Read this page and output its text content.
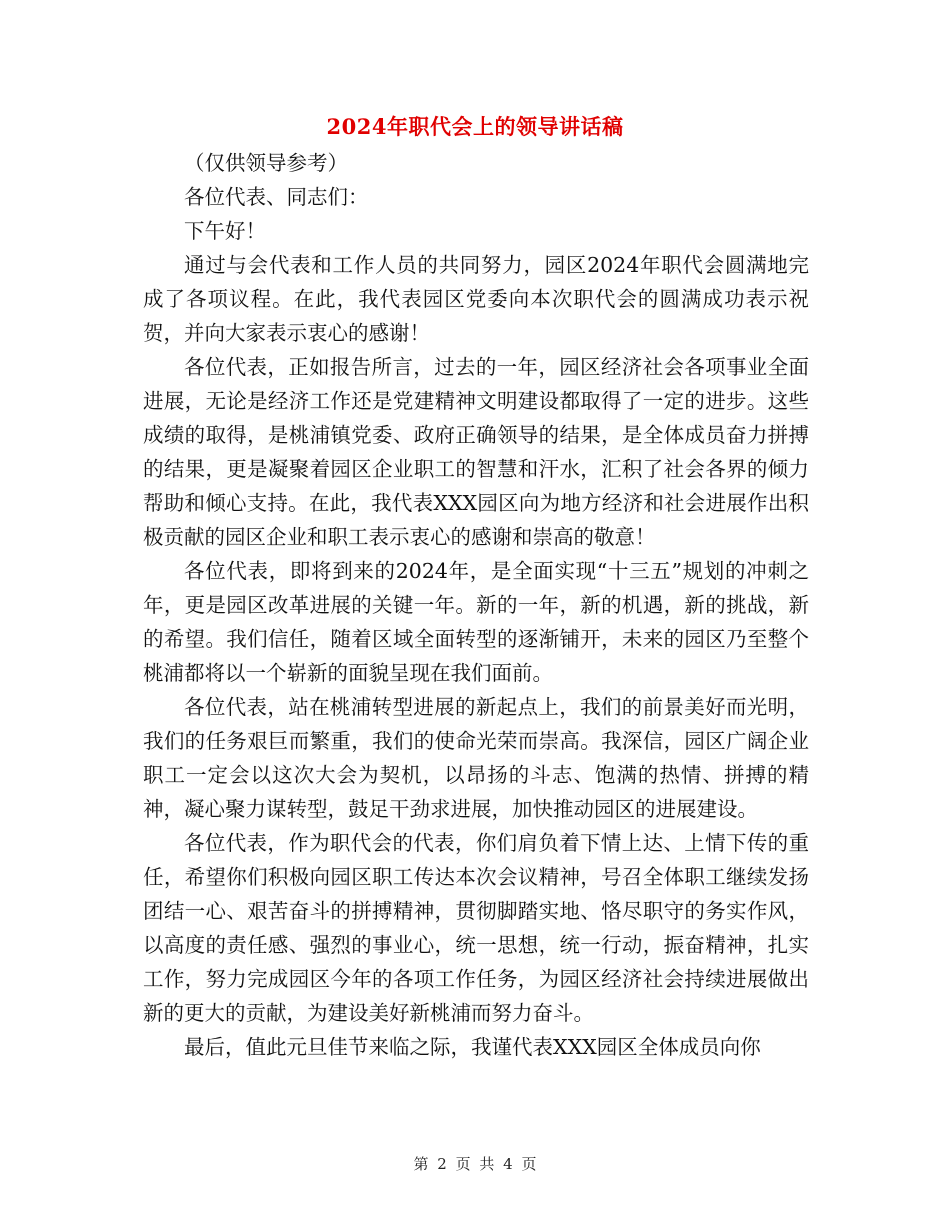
2024年职代会上的领导讲话稿

（仅供领导参考）

各位代表、同志们：

下午好！

通过与会代表和工作人员的共同努力，园区2024年职代会圆满地完成了各项议程。在此，我代表园区党委向本次职代会的圆满成功表示祝贺，并向大家表示衷心的感谢！

各位代表，正如报告所言，过去的一年，园区经济社会各项事业全面进展，无论是经济工作还是党建精神文明建设都取得了一定的进步。这些成绩的取得，是桃浦镇党委、政府正确领导的结果，是全体成员奋力拼搏的结果，更是凝聚着园区企业职工的智慧和汗水，汇积了社会各界的倾力帮助和倾心支持。在此，我代表XXX园区向为地方经济和社会进展作出积极贡献的园区企业和职工表示衷心的感谢和崇高的敬意！

各位代表，即将到来的2024年，是全面实现“十三五”规划的冲刺之年，更是园区改革进展的关键一年。新的一年，新的机遇，新的挑战，新的希望。我们信任，随着区域全面转型的逐渐铺开，未来的园区乃至整个桃浦都将以一个崭新的面貌呈现在我们面前。

各位代表，站在桃浦转型进展的新起点上，我们的前景美好而光明，我们的任务艰巨而繁重，我们的使命光荣而崇高。我深信，园区广阔企业职工一定会以这次大会为契机，以昂扬的斗志、饱满的热情、拼搏的精神，凝心聚力谋转型，鼓足干劲求进展，加快推动园区的进展建设。

各位代表，作为职代会的代表，你们肩负着下情上达、上情下传的重任，希望你们积极向园区职工传达本次会议精神，号召全体职工继续发扬团结一心、艰苦奋斗的拼搏精神，贯彻脚踏实地、恪尽职守的务实作风，以高度的责任感、强烈的事业心，统一思想，统一行动，振奋精神，扎实工作，努力完成园区今年的各项工作任务，为园区经济社会持续进展做出新的更大的贡献，为建设美好新桃浦而努力奋斗。

最后，值此元旦佳节来临之际，我谨代表XXX园区全体成员向你

第 2 页 共 4 页
